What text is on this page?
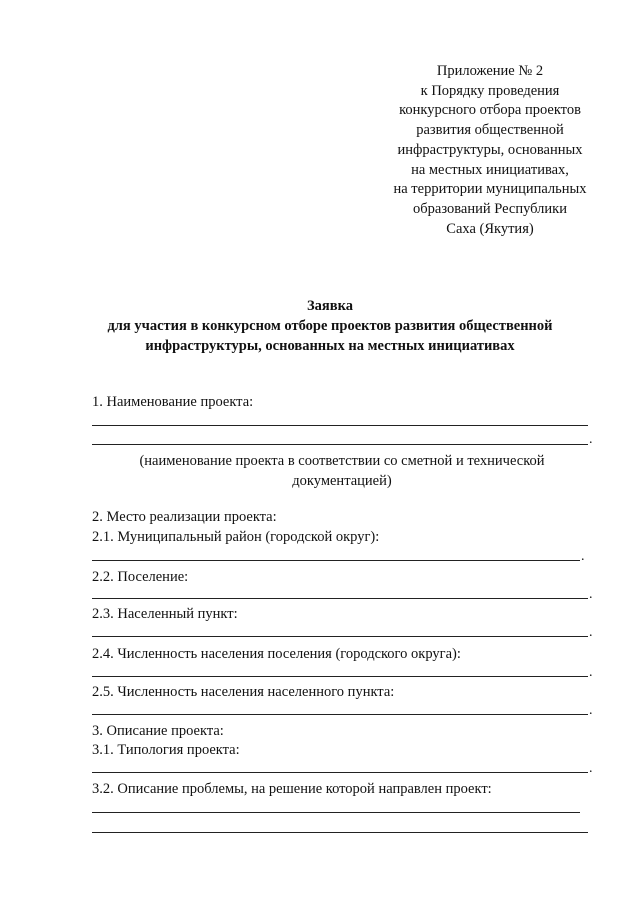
Приложение № 2
к Порядку проведения
конкурсного отбора проектов
развития общественной
инфраструктуры, основанных
на местных инициативах,
на территории муниципальных
образований Республики
Саха (Якутия)
Заявка
для участия в конкурсном отборе проектов развития общественной
инфраструктуры, основанных на местных инициативах
1. Наименование проекта:
.
(наименование проекта в соответствии со сметной и технической
документацией)
2. Место реализации проекта:
2.1. Муниципальный район (городской округ):
.
2.2. Поселение:
.
2.3. Населенный пункт:
.
2.4. Численность населения поселения (городского округа):
.
2.5. Численность населения населенного пункта:
.
3. Описание проекта:
3.1. Типология проекта:
.
3.2. Описание проблемы, на решение которой направлен проект:
